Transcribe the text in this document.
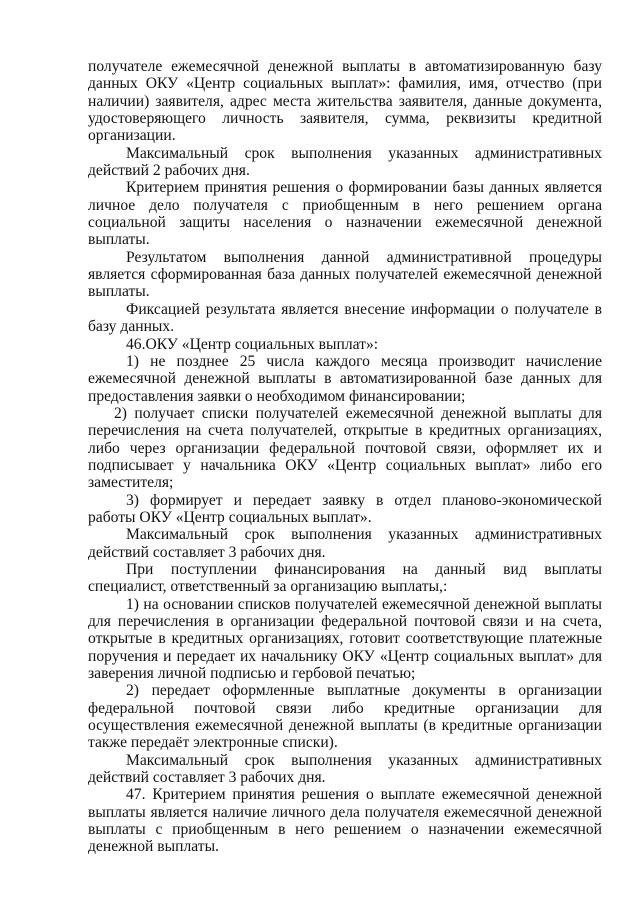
получателе ежемесячной денежной выплаты в автоматизированную базу данных ОКУ «Центр социальных выплат»: фамилия, имя, отчество (при наличии) заявителя, адрес места жительства заявителя, данные документа, удостоверяющего личность заявителя, сумма, реквизиты кредитной организации.

Максимальный срок выполнения указанных административных действий 2 рабочих дня.

Критерием принятия решения о формировании базы данных является личное дело получателя с приобщенным в него решением органа социальной защиты населения о назначении ежемесячной денежной выплаты.

Результатом выполнения данной административной процедуры является сформированная база данных получателей ежемесячной денежной выплаты.

Фиксацией результата является внесение информации о получателе в базу данных.

46.ОКУ «Центр социальных выплат»:

1) не позднее 25 числа каждого месяца производит начисление ежемесячной денежной выплаты в автоматизированной базе данных для предоставления заявки о необходимом финансировании;

2) получает списки получателей ежемесячной денежной выплаты для перечисления на счета получателей, открытые в кредитных организациях, либо через организации федеральной почтовой связи, оформляет их и подписывает у начальника ОКУ «Центр социальных выплат» либо его заместителя;

3) формирует и передает заявку в отдел планово-экономической работы ОКУ «Центр социальных выплат».

Максимальный срок выполнения указанных административных действий составляет 3 рабочих дня.

При поступлении финансирования на данный вид выплаты специалист, ответственный за организацию выплаты,:

1) на основании списков получателей ежемесячной денежной выплаты для перечисления в организации федеральной почтовой связи и на счета, открытые в кредитных организациях, готовит соответствующие платежные поручения и передает их начальнику ОКУ «Центр социальных выплат» для заверения личной подписью и гербовой печатью;

2) передает оформленные выплатные документы в организации федеральной почтовой связи либо кредитные организации для осуществления ежемесячной денежной выплаты (в кредитные организации также передаёт электронные списки).

Максимальный срок выполнения указанных административных действий составляет 3 рабочих дня.

47. Критерием принятия решения о выплате ежемесячной денежной выплаты является наличие личного дела получателя ежемесячной денежной выплаты с приобщенным в него решением о назначении ежемесячной денежной выплаты.
